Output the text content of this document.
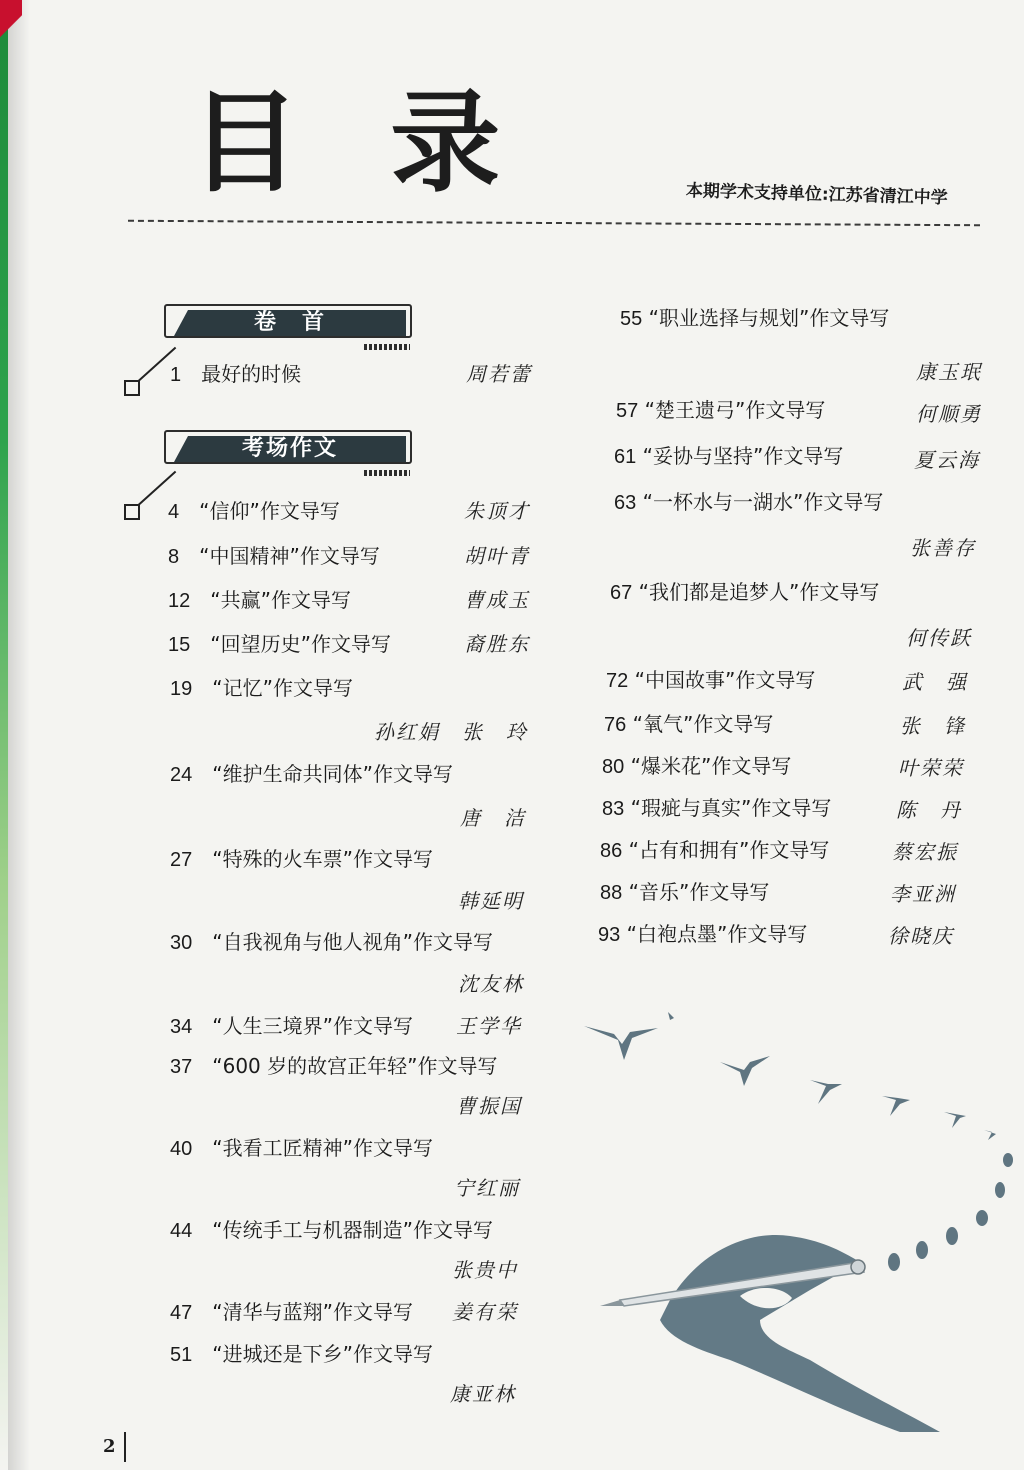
目 录	本期学术支持单位:江苏省清江中学
卷　首
考场作文
1　 最好的时候	周若蕾
4　 “信仰”作文导写	朱顶才
8　 “中国精神”作文导写	胡叶青
12　 “共赢”作文导写	曹成玉
15　 “回望历史”作文导写	裔胜东
19　 “记忆”作文导写
孙红娟　张　玲
24　 “维护生命共同体”作文导写
唐　洁
27　 “特殊的火车票”作文导写
韩延明
30　 “自我视角与他人视角”作文导写
沈友林
34　 “人生三境界”作文导写 王学华
37　 “600 岁的故宫正年轻”作文导写
曹振国
40　 “我看工匠精神”作文导写
宁红丽
44　 “传统手工与机器制造”作文导写
张贵中
47　 “清华与蓝翔”作文导写 姜有荣
51　 “进城还是下乡”作文导写
康亚林
55 “职业选择与规划”作文导写
康玉珉
57 “楚王遗弓”作文导写	何顺勇
61 “妥协与坚持”作文导写	夏云海
63 “一杯水与一湖水”作文导写
张善存
67 “我们都是追梦人”作文导写
何传跃
72 “中国故事”作文导写	武　强
76 “氧气”作文导写	张　锋
80 “爆米花”作文导写	叶荣荣
83 “瑕疵与真实”作文导写	陈　丹
86 “占有和拥有”作文导写	蔡宏振
88 “音乐”作文导写	李亚洲
93 “白袍点墨”作文导写	徐晓庆
2
